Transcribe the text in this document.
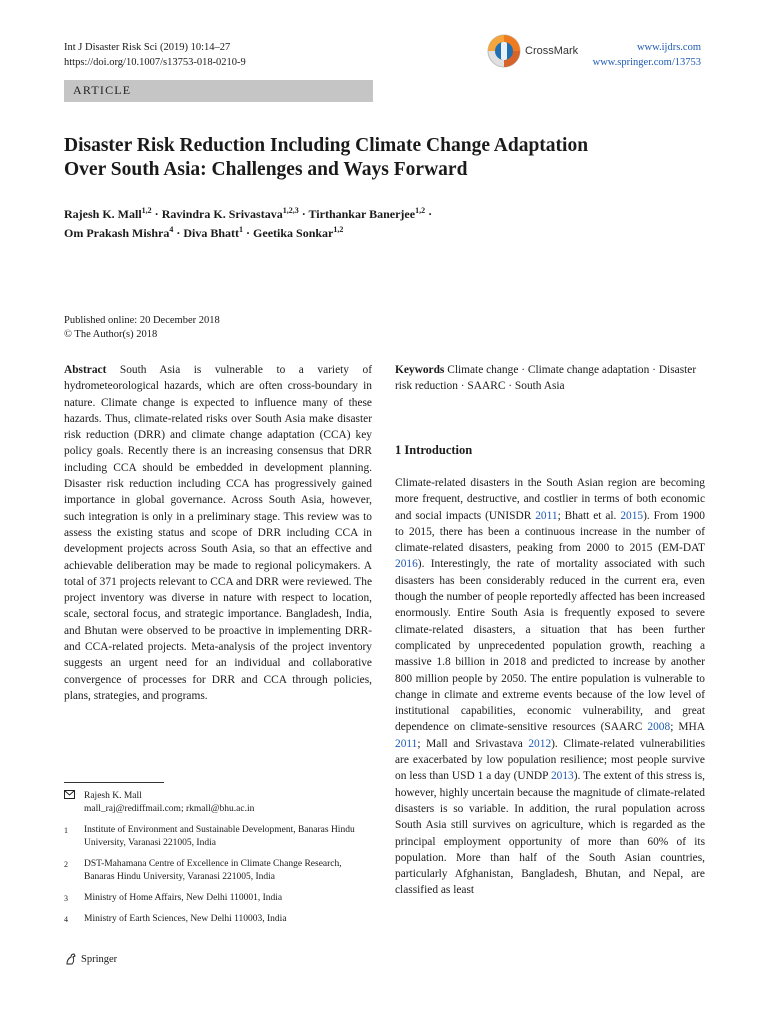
Int J Disaster Risk Sci (2019) 10:14–27
https://doi.org/10.1007/s13753-018-0210-9
CrossMark	www.ijdrs.com
www.springer.com/13753
ARTICLE
Disaster Risk Reduction Including Climate Change Adaptation
Over South Asia: Challenges and Ways Forward
Rajesh K. Mall$^{1,2}$ · Ravindra K. Srivastava$^{1,2,3}$ · Tirthankar Banerjee$^{1,2}$ ·
Om Prakash Mishra$^4$ · Diva Bhatt$^1$ · Geetika Sonkar$^{1,2}$
Published online: 20 December 2018
© The Author(s) 2018
Abstract South Asia is vulnerable to a variety of hydrometeorological hazards, which are often cross-boundary in nature. Climate change is expected to influence many of these hazards. Thus, climate-related risks over South Asia make disaster risk reduction (DRR) and climate change adaptation (CCA) key policy goals. Recently there is an increasing consensus that DRR including CCA should be embedded in development planning. Disaster risk reduction including CCA has progressively gained importance in global governance. Across South Asia, however, such integration is only in a preliminary stage. This review was to assess the existing status and scope of DRR including CCA in development projects across South Asia, so that an effective and achievable deliberation may be made to regional policymakers. A total of 371 projects relevant to CCA and DRR were reviewed. The project inventory was diverse in nature with respect to location, scale, sectoral focus, and strategic importance. Bangladesh, India, and Bhutan were observed to be proactive in implementing DRR- and CCA-related projects. Meta-analysis of the project inventory suggests an urgent need for an individual and collaborative convergence of processes for DRR and CCA through policies, plans, strategies, and programs.
Keywords Climate change · Climate change adaptation · Disaster risk reduction · SAARC · South Asia
1 Introduction
Climate-related disasters in the South Asian region are becoming more frequent, destructive, and costlier in terms of both economic and social impacts (UNISDR 2011; Bhatt et al. 2015). From 1900 to 2015, there has been a continuous increase in the number of climate-related disasters, peaking from 2000 to 2015 (EM-DAT 2016). Interestingly, the rate of mortality associated with such disasters has been considerably reduced in the current era, even though the number of people reportedly affected has been increased enormously. Entire South Asia is frequently exposed to severe climate-related disasters, a situation that has been further complicated by unprecedented population growth, reaching a massive 1.8 billion in 2018 and predicted to increase by another 800 million people by 2050. The entire population is vulnerable to change in climate and extreme events because of the low level of institutional capabilities, economic vulnerability, and great dependence on climate-sensitive resources (SAARC 2008; MHA 2011; Mall and Srivastava 2012). Climate-related vulnerabilities are exacerbated by low population resilience; most people survive on less than USD 1 a day (UNDP 2013). The extent of this stress is, however, highly uncertain because the magnitude of climate-related disasters is so variable. In addition, the rural population across South Asia still survives on agriculture, which is regarded as the principal employment opportunity of more than 60% of its population. More than half of the South Asian countries, particularly Afghanistan, Bangladesh, Bhutan, and Nepal, are classified as least
Rajesh K. Mall
mall_raj@rediffmail.com; rkmall@bhu.ac.in
1	Institute of Environment and Sustainable Development, Banaras Hindu University, Varanasi 221005, India
2	DST-Mahamana Centre of Excellence in Climate Change Research, Banaras Hindu University, Varanasi 221005, India
3	Ministry of Home Affairs, New Delhi 110001, India
4	Ministry of Earth Sciences, New Delhi 110003, India
Springer
